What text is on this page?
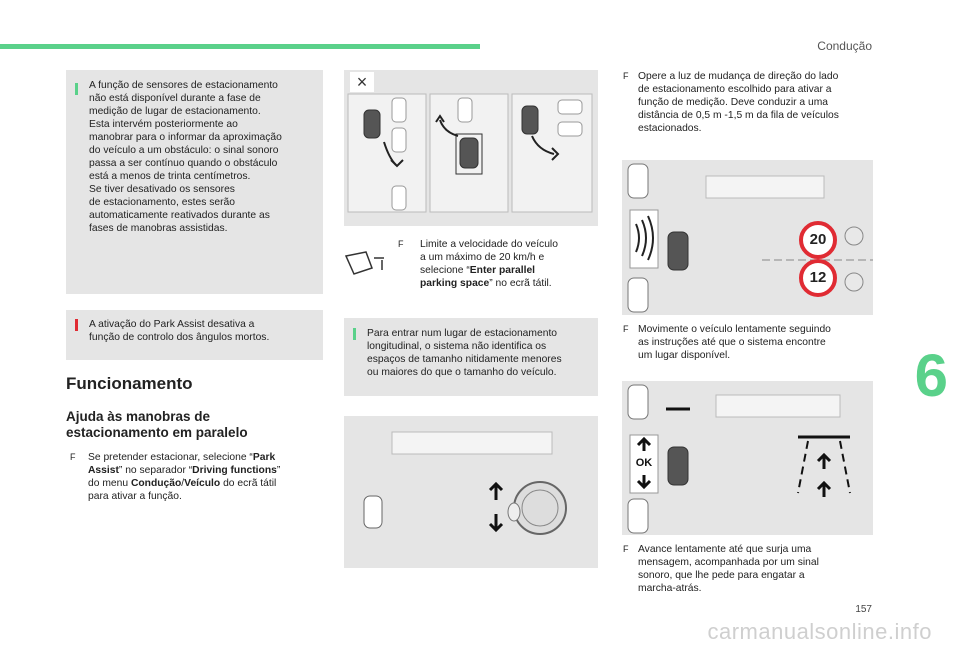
Condução
6
157
carmanualsonline.info

A função de sensores de estacionamento

não está disponível durante a fase de

medição de lugar de estacionamento.

Esta intervém posteriormente ao

manobrar para o informar da aproximação

do veículo a um obstáculo: o sinal sonoro

passa a ser contínuo quando o obstáculo

está a menos de trinta centímetros.

Se tiver desativado os sensores

de estacionamento, estes serão

automaticamente reativados durante as

fases de manobras assistidas.

A ativação do Park Assist desativa a

função de controlo dos ângulos mortos.

Funcionamento
Ajuda às manobras de
estacionamento em paralelo
F Se pretender estacionar, selecione “Park
Assist” no separador “Driving functions”
do menu Condução/Veículo do ecrã tátil
para ativar a função.
×
F Limite a velocidade do veículo
a um máximo de 20 km/h e
selecione “Enter parallel
parking space” no ecrã tátil.

Para entrar num lugar de estacionamento

longitudinal, o sistema não identifica os

espaços de tamanho nitidamente menores

ou maiores do que o tamanho do veículo.

F Opere a luz de mudança de direção do lado
de estacionamento escolhido para ativar a
função de medição. Deve conduzir a uma
distância de 0,5 m -1,5 m da fila de veículos
estacionados.
20
12
F Movimente o veículo lentamente seguindo
as instruções até que o sistema encontre
um lugar disponível.
OK
F Avance lentamente até que surja uma
mensagem, acompanhada por um sinal
sonoro, que lhe pede para engatar a
marcha-atrás.
